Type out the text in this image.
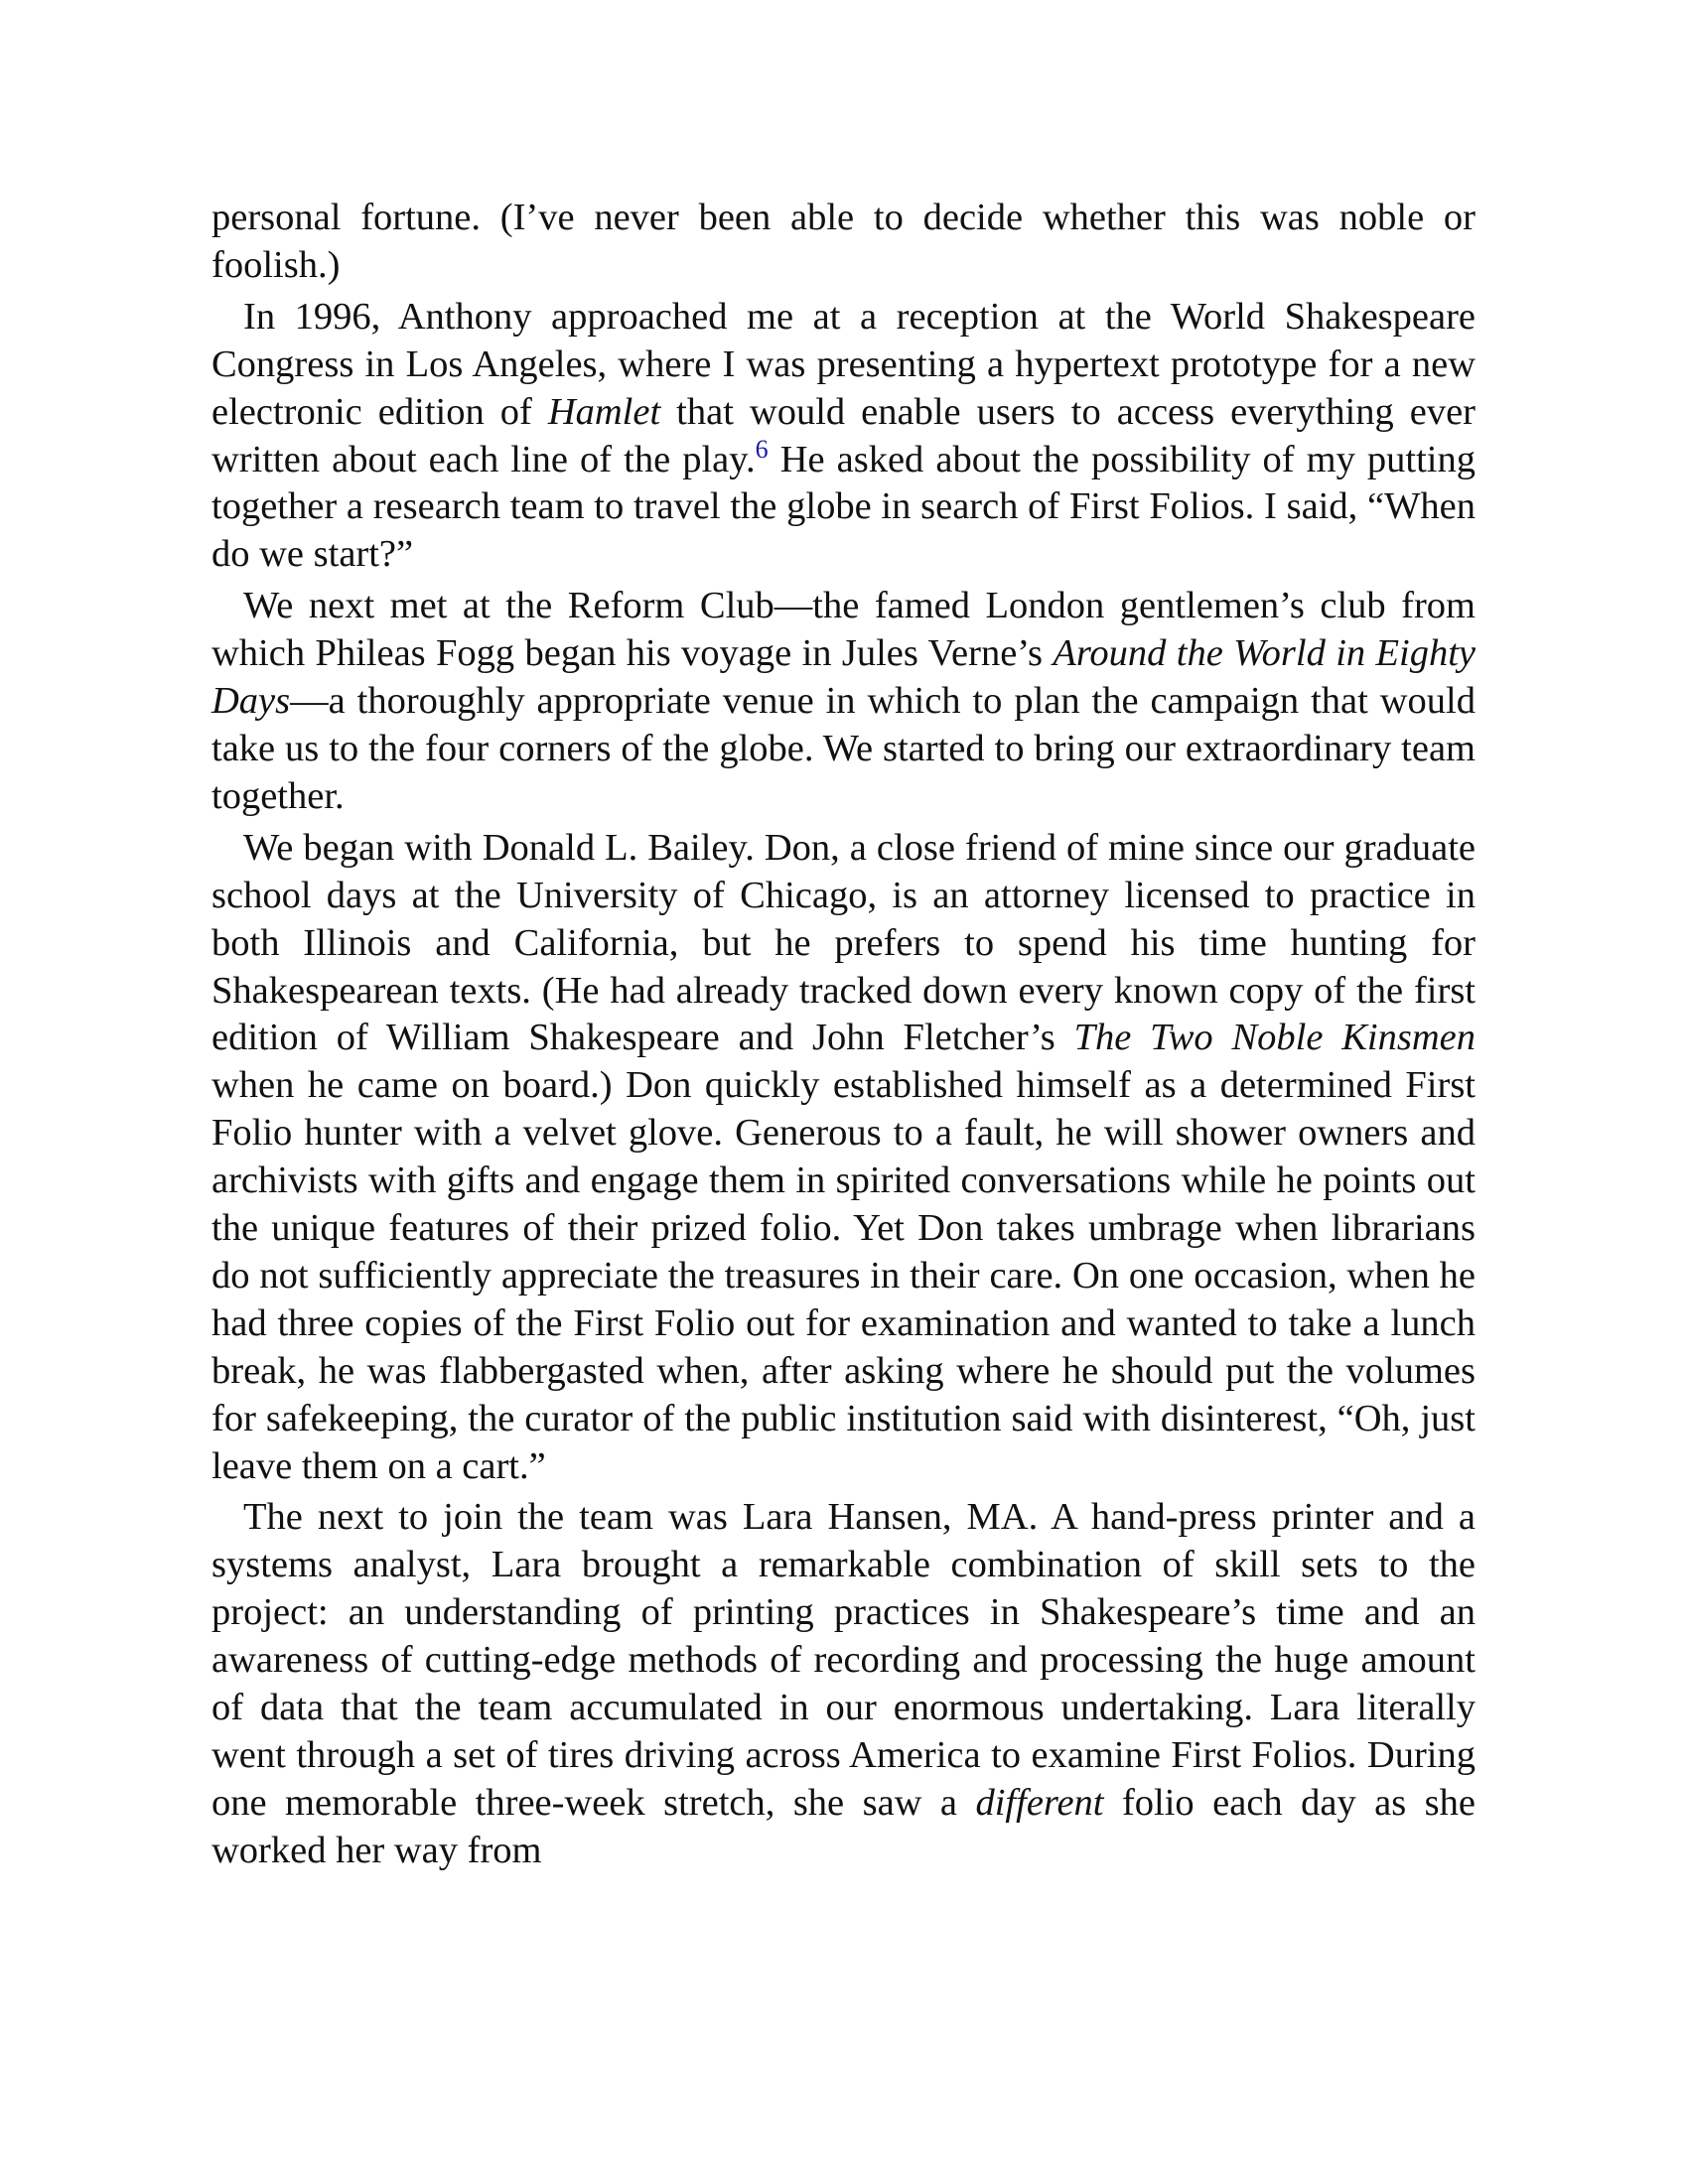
personal fortune. (I’ve never been able to decide whether this was noble or foolish.)

In 1996, Anthony approached me at a reception at the World Shakespeare Congress in Los Angeles, where I was presenting a hypertext prototype for a new electronic edition of Hamlet that would enable users to access everything ever written about each line of the play.$^6$ He asked about the possibility of my putting together a research team to travel the globe in search of First Folios. I said, “When do we start?”

We next met at the Reform Club—the famed London gentlemen’s club from which Phileas Fogg began his voyage in Jules Verne’s Around the World in Eighty Days—a thoroughly appropriate venue in which to plan the campaign that would take us to the four corners of the globe. We started to bring our extraordinary team together.

We began with Donald L. Bailey. Don, a close friend of mine since our graduate school days at the University of Chicago, is an attorney licensed to practice in both Illinois and California, but he prefers to spend his time hunting for Shakespearean texts. (He had already tracked down every known copy of the first edition of William Shakespeare and John Fletcher’s The Two Noble Kinsmen when he came on board.) Don quickly established himself as a determined First Folio hunter with a velvet glove. Generous to a fault, he will shower owners and archivists with gifts and engage them in spirited conversations while he points out the unique features of their prized folio. Yet Don takes umbrage when librarians do not sufficiently appreciate the treasures in their care. On one occasion, when he had three copies of the First Folio out for examination and wanted to take a lunch break, he was flabbergasted when, after asking where he should put the volumes for safekeeping, the curator of the public institution said with disinterest, “Oh, just leave them on a cart.”

The next to join the team was Lara Hansen, MA. A hand-press printer and a systems analyst, Lara brought a remarkable combination of skill sets to the project: an understanding of printing practices in Shakespeare’s time and an awareness of cutting-edge methods of recording and processing the huge amount of data that the team accumulated in our enormous undertaking. Lara literally went through a set of tires driving across America to examine First Folios. During one memorable three-week stretch, she saw a different folio each day as she worked her way from
